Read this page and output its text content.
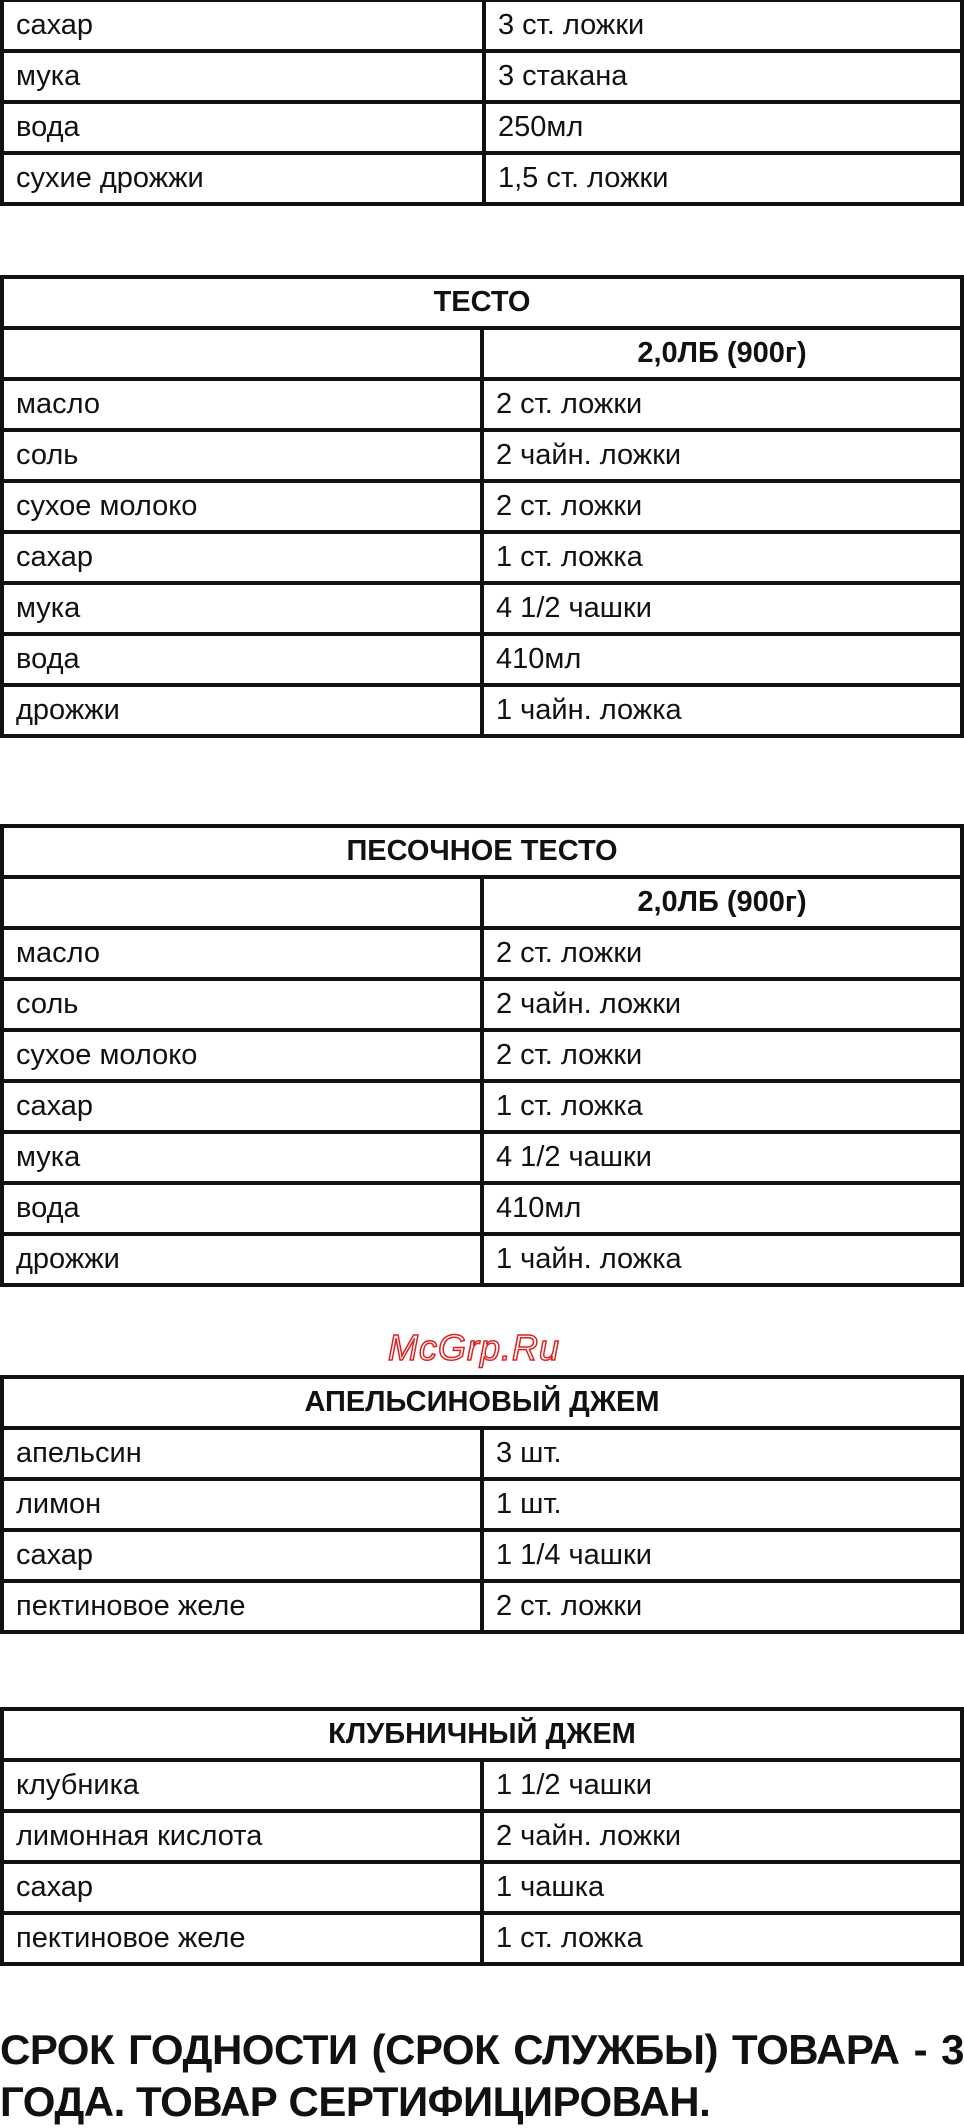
сахар	3 ст. ложки
мука	3 стакана
вода	250мл
сухие дрожжи	1,5 ст. ложки
ТЕСТО	
	2,0ЛБ (900г)
масло	2 ст. ложки
соль	2 чайн. ложки
сухое молоко	2 ст. ложки
сахар	1 ст. ложка
мука	4 1/2 чашки
вода	410мл
дрожжи	1 чайн. ложка
ПЕСОЧНОЕ ТЕСТО	
	2,0ЛБ (900г)
масло	2 ст. ложки
соль	2 чайн. ложки
сухое молоко	2 ст. ложки
сахар	1 ст. ложка
мука	4 1/2 чашки
вода	410мл
дрожжи	1 чайн. ложка
АПЕЛЬСИНОВЫЙ ДЖЕМ	
апельсин	3 шт.
лимон	1 шт.
сахар	1 1/4 чашки
пектиновое желе	2 ст. ложки
КЛУБНИЧНЫЙ ДЖЕМ	
клубника	1 1/2 чашки
лимонная кислота	2 чайн. ложки
сахар	1 чашка
пектиновое желе	1 ст. ложка
СРОК ГОДНОСТИ (СРОК СЛУЖБЫ) ТОВАРА - 3
ГОДА. ТОВАР СЕРТИФИЦИРОВАН.
McGrp.Ru
